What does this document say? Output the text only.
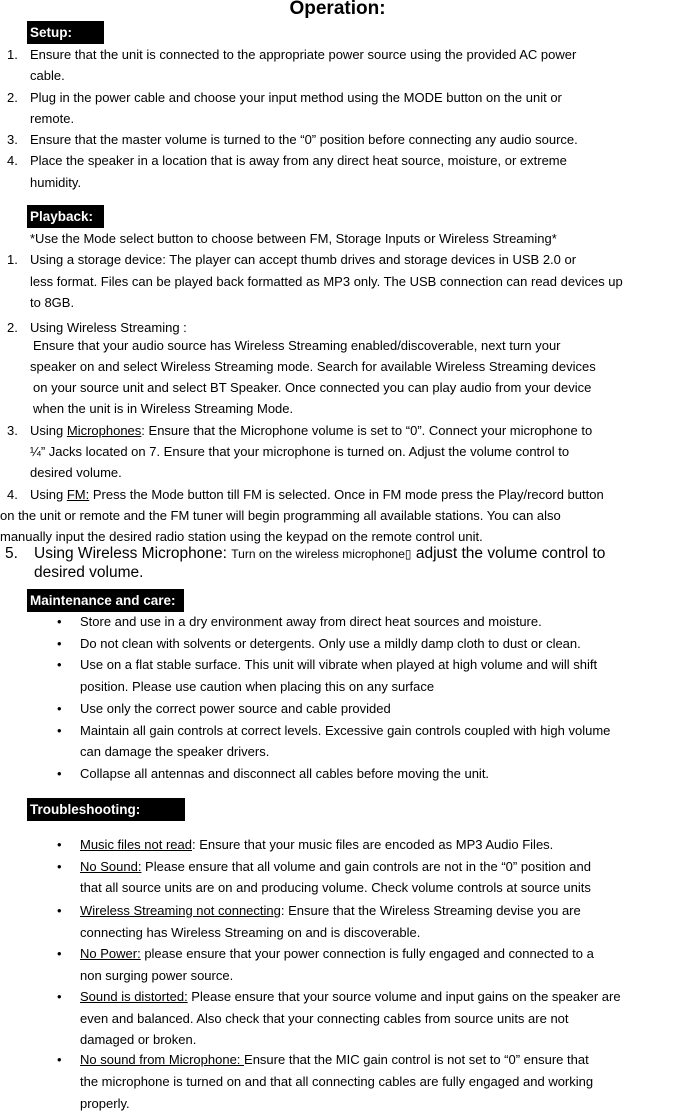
Operation:
Setup:
1. Ensure that the unit is connected to the appropriate power source using the provided AC power
cable.
2. Plug in the power cable and choose your input method using the MODE button on the unit or
remote.
3. Ensure that the master volume is turned to the “0” position before connecting any audio source.
4. Place the speaker in a location that is away from any direct heat source, moisture, or extreme
humidity.
Playback:
*Use the Mode select button to choose between FM, Storage Inputs or Wireless Streaming*
1. Using a storage device: The player can accept thumb drives and storage devices in USB 2.0 or
less format. Files can be played back formatted as MP3 only. The USB connection can read devices up
to 8GB.
2. Using Wireless Streaming :
Ensure that your audio source has Wireless Streaming enabled/discoverable, next turn your
speaker on and select Wireless Streaming mode. Search for available Wireless Streaming devices
on your source unit and select BT Speaker. Once connected you can play audio from your device
when the unit is in Wireless Streaming Mode.
3. Using Microphones: Ensure that the Microphone volume is set to “0”. Connect your microphone to
¼” Jacks located on 7. Ensure that your microphone is turned on. Adjust the volume control to
desired volume.
4. Using FM: Press the Mode button till FM is selected. Once in FM mode press the Play/record button
on the unit or remote and the FM tuner will begin programming all available stations. You can also
manually input the desired radio station using the keypad on the remote control unit.
5. Using Wireless Microphone: Turn on the wireless microphone▯ adjust the volume control to
desired volume.
Maintenance and care:
• Store and use in a dry environment away from direct heat sources and moisture.
• Do not clean with solvents or detergents. Only use a mildly damp cloth to dust or clean.
• Use on a flat stable surface. This unit will vibrate when played at high volume and will shift
position. Please use caution when placing this on any surface
• Use only the correct power source and cable provided
• Maintain all gain controls at correct levels. Excessive gain controls coupled with high volume
can damage the speaker drivers.
• Collapse all antennas and disconnect all cables before moving the unit.
Troubleshooting:
• Music files not read: Ensure that your music files are encoded as MP3 Audio Files.
• No Sound: Please ensure that all volume and gain controls are not in the “0” position and
that all source units are on and producing volume. Check volume controls at source units
• Wireless Streaming not connecting: Ensure that the Wireless Streaming devise you are
connecting has Wireless Streaming on and is discoverable.
• No Power: please ensure that your power connection is fully engaged and connected to a
non surging power source.
• Sound is distorted: Please ensure that your source volume and input gains on the speaker are
even and balanced. Also check that your connecting cables from source units are not
damaged or broken.
• No sound from Microphone: Ensure that the MIC gain control is not set to “0” ensure that
the microphone is turned on and that all connecting cables are fully engaged and working
properly.
